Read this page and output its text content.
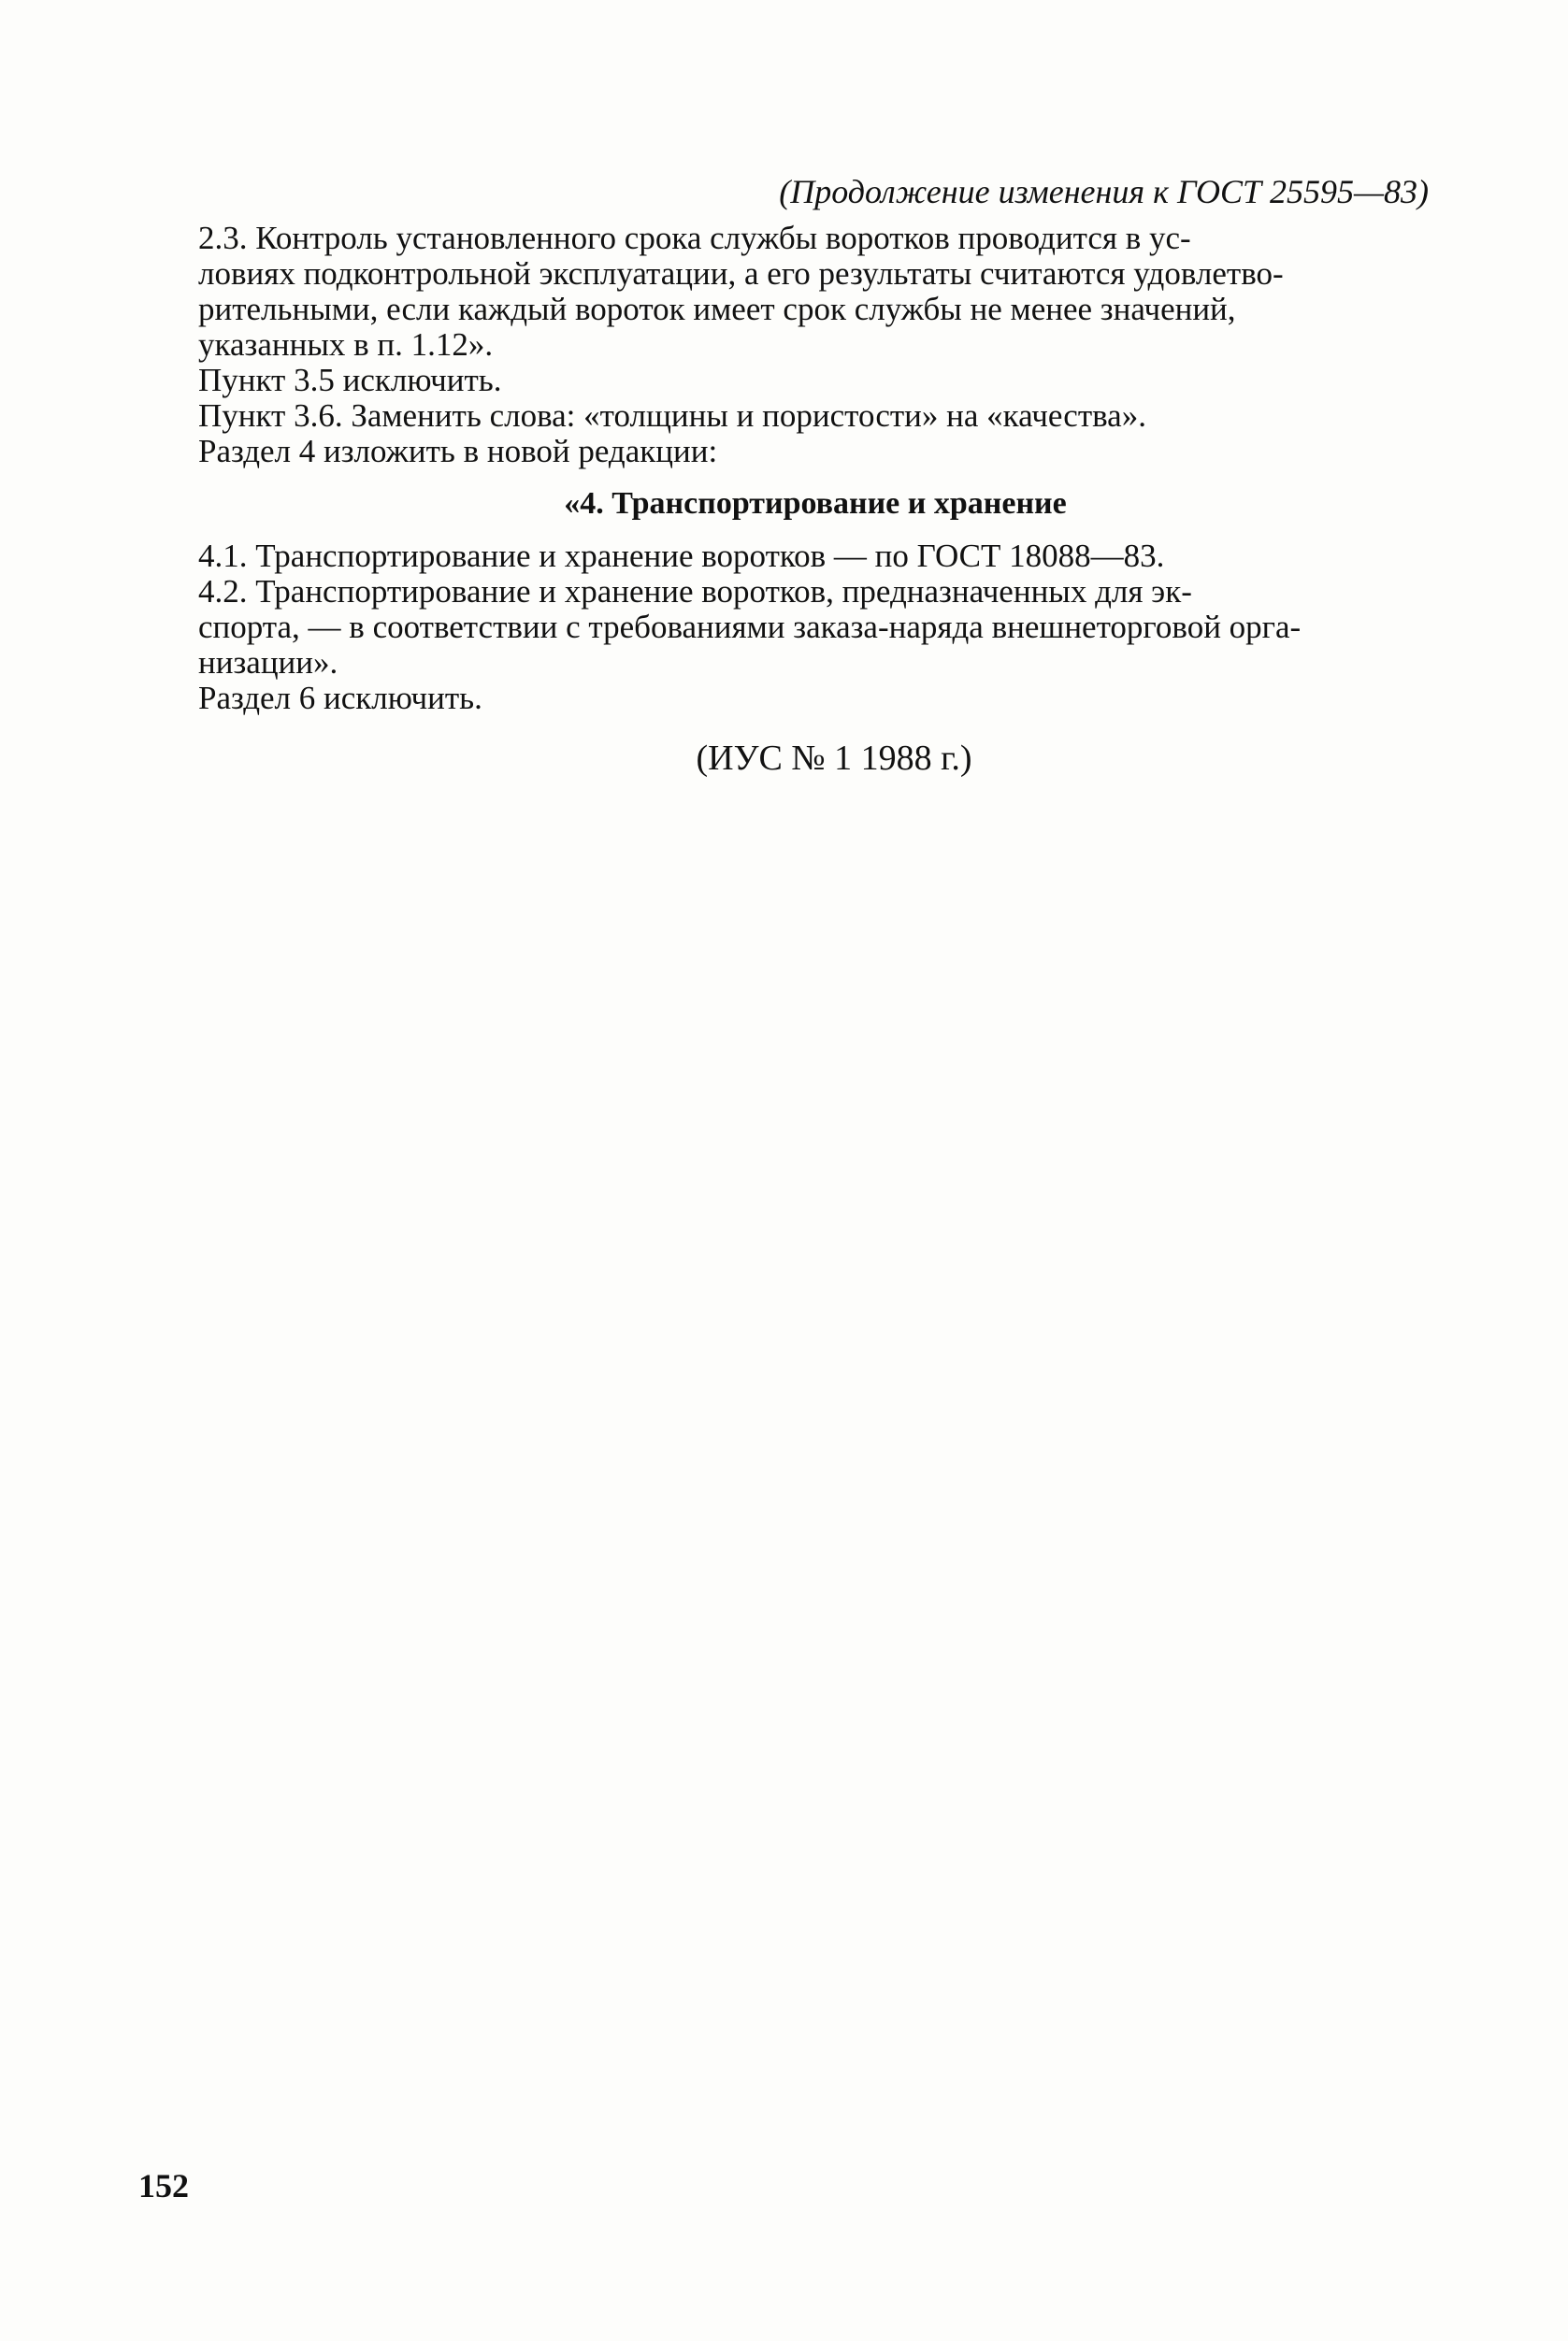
(Продолжение изменения к ГОСТ 25595—83)
2.3. Контроль установленного срока службы воротков проводится в ус-
ловиях подконтрольной эксплуатации, а его результаты считаются удовлетво-
рительными, если каждый вороток имеет срок службы не менее значений,
указанных в п. 1.12».
Пункт 3.5 исключить.
Пункт 3.6. Заменить слова: «толщины и пористости» на «качества».
Раздел 4 изложить в новой редакции:
«4. Транспортирование и хранение
4.1. Транспортирование и хранение воротков — по ГОСТ 18088—83.
4.2. Транспортирование и хранение воротков, предназначенных для эк-
спорта, — в соответствии с требованиями заказа-наряда внешнеторговой орга-
низации».
Раздел 6 исключить.
(ИУС № 1 1988 г.)
152
